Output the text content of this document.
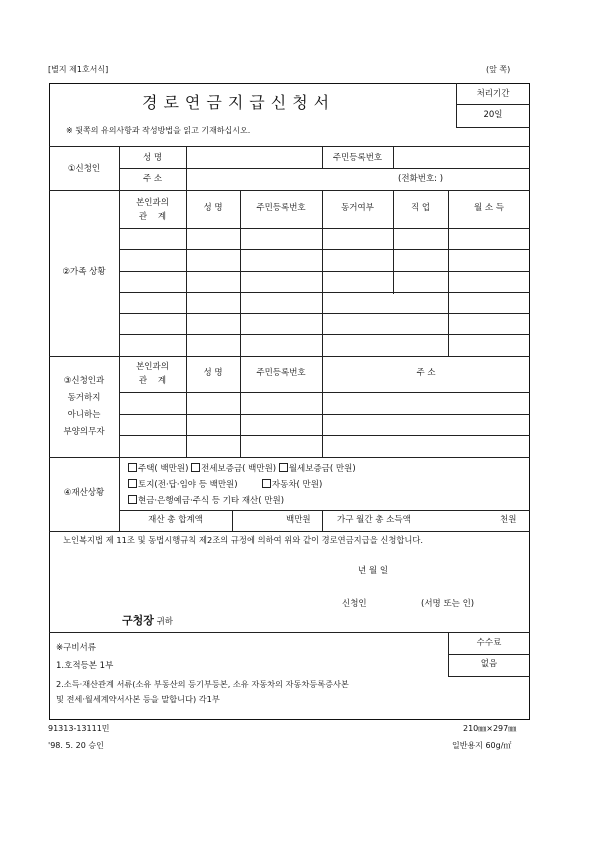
[별지 제1호서식]	(앞 쪽)
경로연금지급신청서	처리기간
20일
※ 뒷쪽의 유의사항과 작성방법을 읽고 기재하십시오.
①신청인
성 명	주민등록번호
주 소	(전화번호: )
②가족 상황
본인과의
관    계
성 명	주민등록번호	동거여부	직 업	월 소 득
③신청인과
동거하지
아니하는
부양의무자
본인과의
관    계
성 명	주민등록번호	주 소
④재산상황
주택( 백만원) 전세보증금( 백만원) 월세보증금( 만원)
토지(전·답·임야 등 백만원)	자동차( 만원)
현금·은행예금·주식 등 기타 재산( 만원)
재산 총 합계액	백만원	가구 월간 총 소득액	천원
노인복지법 제 11조 및 동법시행규칙 제2조의 규정에 의하여 위와 같이 경로연금지급을 신청합니다.
년 월 일
신청인	(서명 또는 인)
구청장 귀하
※구비서류
1.호적등본 1부
2.소득·재산관계 서류(소유 부동산의 등기부등본, 소유 자동차의 자동차등록증사본
및 전세·월세계약서사본 등을 말합니다) 각1부
수수료
없음
91313-13111민
'98. 5. 20 승인
210㎜×297㎜
일반용지 60g/㎡
